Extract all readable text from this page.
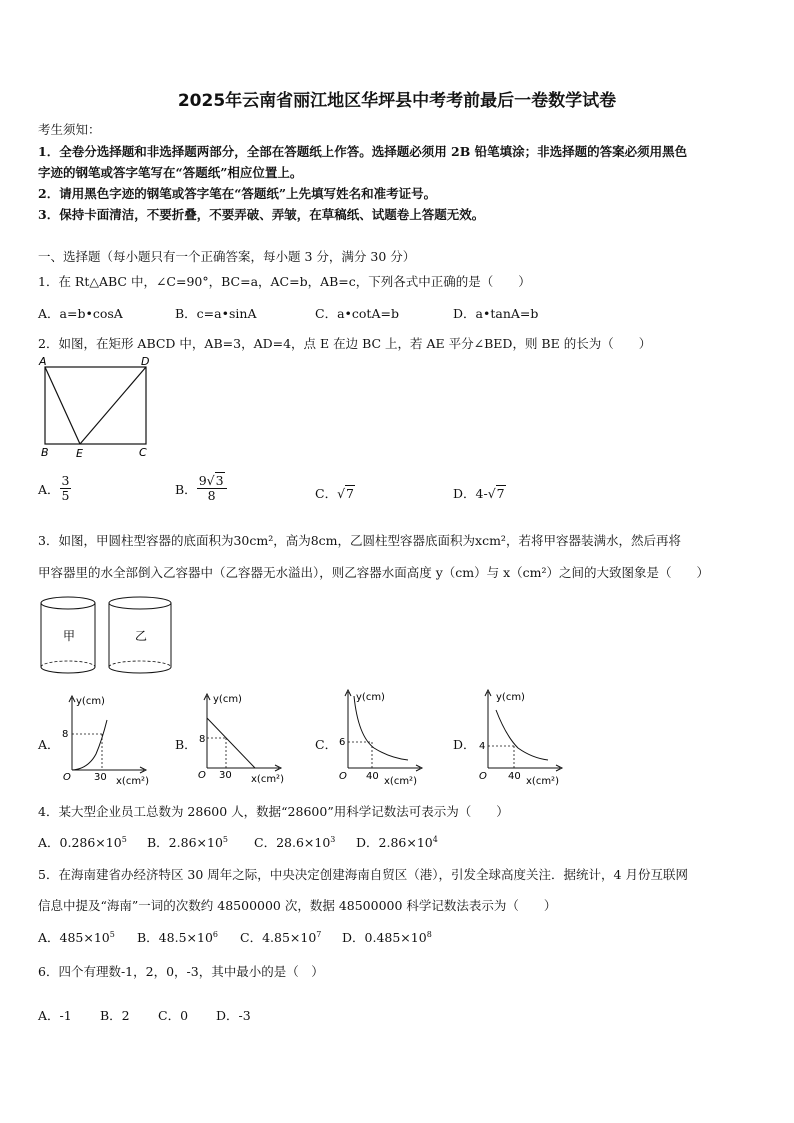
2025年云南省丽江地区华坪县中考考前最后一卷数学试卷
考生须知：
1．全卷分选择题和非选择题两部分，全部在答题纸上作答。选择题必须用 2B 铅笔填涂；非选择题的答案必须用黑色
字迹的钢笔或答字笔写在“答题纸”相应位置上。
2．请用黑色字迹的钢笔或答字笔在“答题纸”上先填写姓名和准考证号。
3．保持卡面清洁，不要折叠，不要弄破、弄皱，在草稿纸、试题卷上答题无效。
一、选择题（每小题只有一个正确答案，每小题 3 分，满分 30 分）
1．在 Rt△ABC 中，∠C=90°，BC=a，AC=b，AB=c，下列各式中正确的是（　　）
A．a=b•cosA	B．c=a•sinA	C．a•cotA=b	D．a•tanA=b
2．如图，在矩形 ABCD 中，AB=3，AD=4，点 E 在边 BC 上，若 AE 平分∠BED，则 BE 的长为（　　）
A	D
B E	C
A． $\frac{3}{5}$	B． $\frac{9√3}{8}$	C．√7	D．4-√7
3．如图，甲圆柱型容器的底面积为30cm²，高为8cm，乙圆柱型容器底面积为xcm²，若将甲容器装满水，然后再将
甲容器里的水全部倒入乙容器中（乙容器无水溢出），则乙容器水面高度 y（cm）与 x（cm²）之间的大致图象是（　　）
甲	乙
A．
y(cm)
8
O 30 x(cm²)
B．
y(cm)
8
O 30 x(cm²)
C．
y(cm)
6
O 40 x(cm²)
D．
y(cm)
4
O 40 x(cm²)
4．某大型企业员工总数为 28600 人，数据“28600”用科学记数法可表示为（　　）
A．$0.286\times 10^5$ B．$2.86\times 10^5$ C．$28.6\times 10^3$ D．$2.86\times 10^4$
5．在海南建省办经济特区 30 周年之际，中央决定创建海南自贸区（港），引发全球高度关注．据统计，4 月份互联网
信息中提及“海南”一词的次数约 48500000 次，数据 48500000 科学记数法表示为（　　）
A．$485\times 10^5$ B．$48.5\times 10^6$ C．$4.85\times 10^7$ D．$0.485\times 10^8$
6．四个有理数-1，2，0，-3，其中最小的是（　）
A．-1 B．2 C．0 D．-3
